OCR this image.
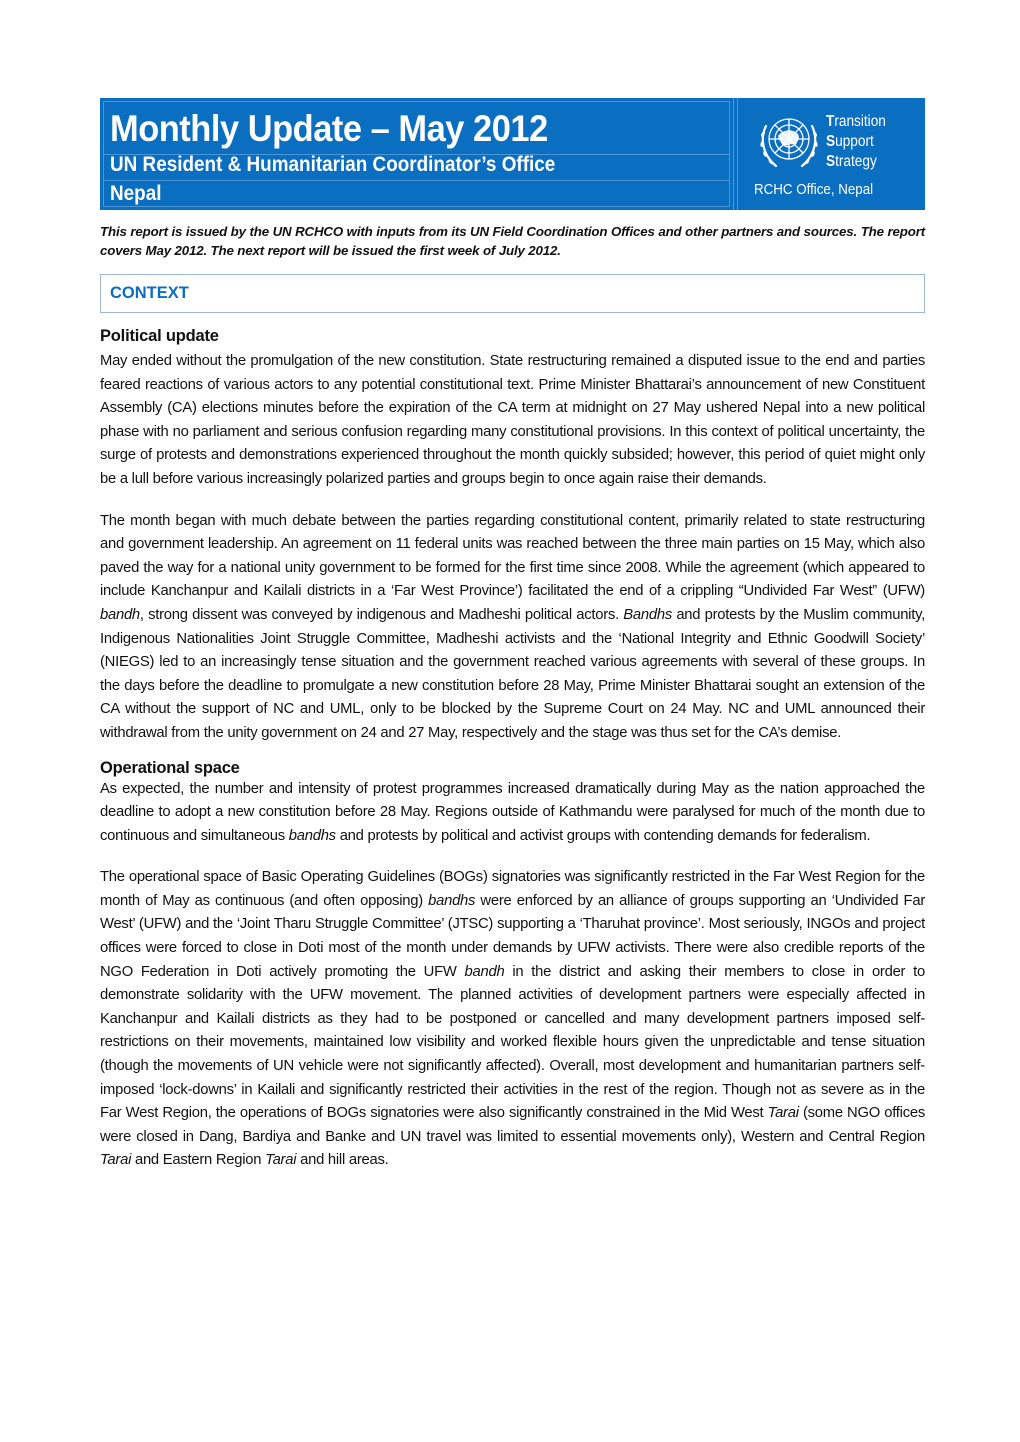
Monthly Update – May 2012
UN Resident & Humanitarian Coordinator’s Office
Nepal
Transition
Support
Strategy
RCHC Office, Nepal
This report is issued by the UN RCHCO with inputs from its UN Field Coordination Offices and other partners and sources. The report covers May 2012. The next report will be issued the first week of July 2012.
CONTEXT
Political update

May ended without the promulgation of the new constitution. State restructuring remained a disputed issue to the end and parties feared reactions of various actors to any potential constitutional text. Prime Minister Bhattarai’s announcement of new Constituent Assembly (CA) elections minutes before the expiration of the CA term at midnight on 27 May ushered Nepal into a new political phase with no parliament and serious confusion regarding many constitutional provisions. In this context of political uncertainty, the surge of protests and demonstrations experienced throughout the month quickly subsided; however, this period of quiet might only be a lull before various increasingly polarized parties and groups begin to once again raise their demands.

The month began with much debate between the parties regarding constitutional content, primarily related to state restructuring and government leadership. An agreement on 11 federal units was reached between the three main parties on 15 May, which also paved the way for a national unity government to be formed for the first time since 2008. While the agreement (which appeared to include Kanchanpur and Kailali districts in a ‘Far West Province’) facilitated the end of a crippling “Undivided Far West” (UFW) bandh, strong dissent was conveyed by indigenous and Madheshi political actors. Bandhs and protests by the Muslim community, Indigenous Nationalities Joint Struggle Committee, Madheshi activists and the ‘National Integrity and Ethnic Goodwill Society’ (NIEGS) led to an increasingly tense situation and the government reached various agreements with several of these groups. In the days before the deadline to promulgate a new constitution before 28 May, Prime Minister Bhattarai sought an extension of the CA without the support of NC and UML, only to be blocked by the Supreme Court on 24 May. NC and UML announced their withdrawal from the unity government on 24 and 27 May, respectively and the stage was thus set for the CA’s demise.

Operational space

As expected, the number and intensity of protest programmes increased dramatically during May as the nation approached the deadline to adopt a new constitution before 28 May. Regions outside of Kathmandu were paralysed for much of the month due to continuous and simultaneous bandhs and protests by political and activist groups with contending demands for federalism.

The operational space of Basic Operating Guidelines (BOGs) signatories was significantly restricted in the Far West Region for the month of May as continuous (and often opposing) bandhs were enforced by an alliance of groups supporting an ‘Undivided Far West’ (UFW) and the ‘Joint Tharu Struggle Committee’ (JTSC) supporting a ‘Tharuhat province’. Most seriously, INGOs and project offices were forced to close in Doti most of the month under demands by UFW activists. There were also credible reports of the NGO Federation in Doti actively promoting the UFW bandh in the district and asking their members to close in order to demonstrate solidarity with the UFW movement. The planned activities of development partners were especially affected in Kanchanpur and Kailali districts as they had to be postponed or cancelled and many development partners imposed self-restrictions on their movements, maintained low visibility and worked flexible hours given the unpredictable and tense situation (though the movements of UN vehicle were not significantly affected). Overall, most development and humanitarian partners self-imposed ‘lock-downs’ in Kailali and significantly restricted their activities in the rest of the region. Though not as severe as in the Far West Region, the operations of BOGs signatories were also significantly constrained in the Mid West Tarai (some NGO offices were closed in Dang, Bardiya and Banke and UN travel was limited to essential movements only), Western and Central Region Tarai and Eastern Region Tarai and hill areas.
